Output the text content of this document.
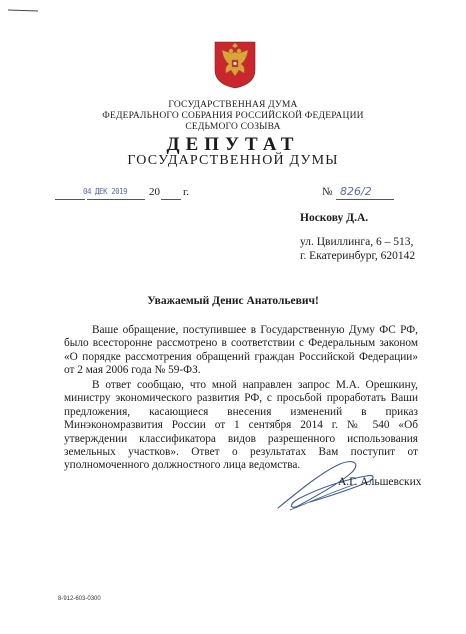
ГОСУДАРСТВЕННАЯ ДУМА
ФЕДЕРАЛЬНОГО СОБРАНИЯ РОССИЙСКОЙ ФЕДЕРАЦИИ
СЕДЬМОГО СОЗЫВА
ДЕПУТАТ
ГОСУДАРСТВЕННОЙ ДУМЫ
04 ДЕК 2019 20 г.	№ 826/2
Носкову Д.А.
ул. Цвиллинга, 6 – 513,
г. Екатеринбург, 620142
Уважаемый Денис Анатольевич!
Ваше обращение, поступившее в Государственную Думу ФС РФ, было всесторонне рассмотрено в соответствии с Федеральным законом «О порядке рассмотрения обращений граждан Российской Федерации» от 2 мая 2006 года № 59-ФЗ.
В ответ сообщаю, что мной направлен запрос М.А. Орешкину, министру экономического развития РФ, с просьбой проработать Ваши предложения, касающиеся внесения изменений в приказ Минэкономразвития России от 1 сентября 2014 г. № 540 «Об утверждении классификатора видов разрешенного использования земельных участков». Ответ о результатах Вам поступит от уполномоченного должностного лица ведомства.
А.Г. Альшевских
8-912-603-0300
